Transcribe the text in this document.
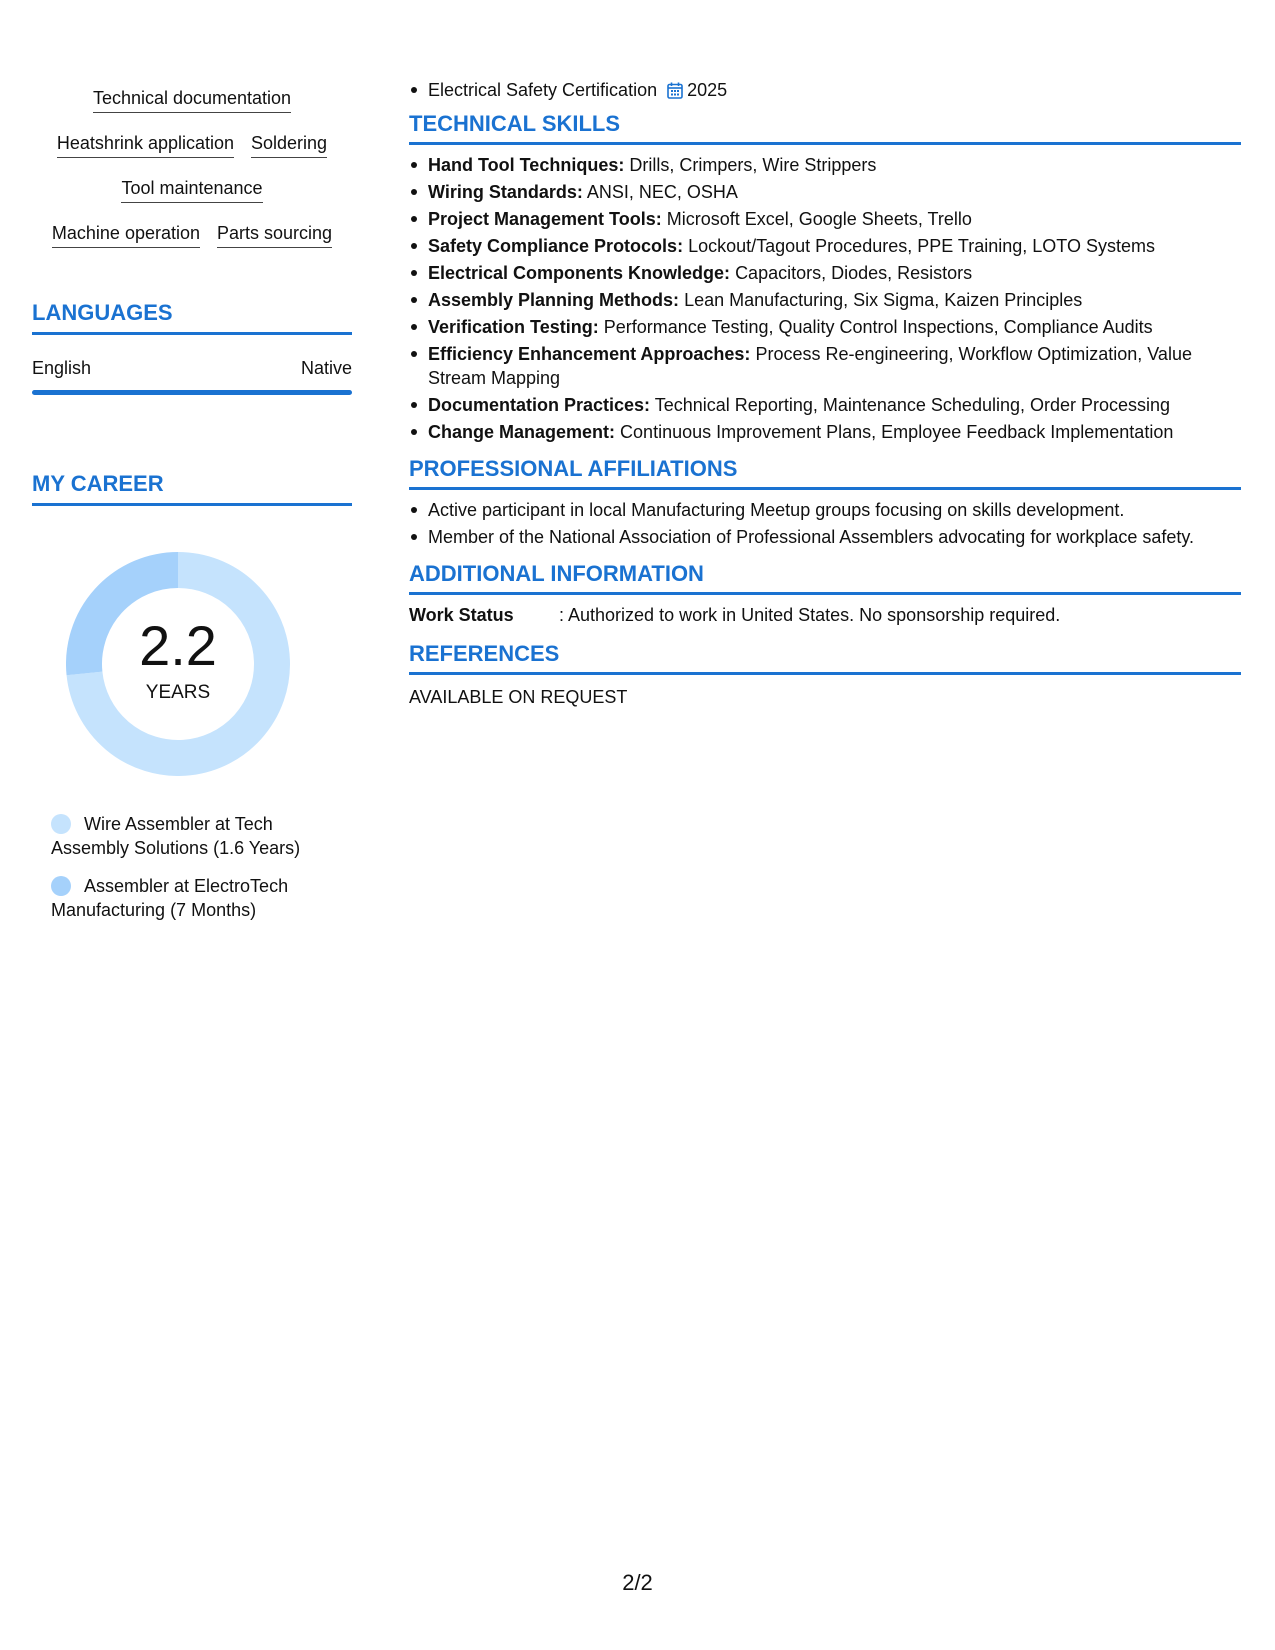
Technical documentation
Heatshrink application Soldering
Tool maintenance
Machine operation Parts sourcing
LANGUAGES
English	Native
MY CAREER
2.2
YEARS
Wire Assembler at Tech Assembly Solutions (1.6 Years)
Assembler at ElectroTech Manufacturing (7 Months)
Electrical Safety Certification 2025
TECHNICAL SKILLS
Hand Tool Techniques: Drills, Crimpers, Wire Strippers
Wiring Standards: ANSI, NEC, OSHA
Project Management Tools: Microsoft Excel, Google Sheets, Trello
Safety Compliance Protocols: Lockout/Tagout Procedures, PPE Training, LOTO Systems
Electrical Components Knowledge: Capacitors, Diodes, Resistors
Assembly Planning Methods: Lean Manufacturing, Six Sigma, Kaizen Principles
Verification Testing: Performance Testing, Quality Control Inspections, Compliance Audits
Efficiency Enhancement Approaches: Process Re-engineering, Workflow Optimization, Value Stream Mapping
Documentation Practices: Technical Reporting, Maintenance Scheduling, Order Processing
Change Management: Continuous Improvement Plans, Employee Feedback Implementation
PROFESSIONAL AFFILIATIONS
Active participant in local Manufacturing Meetup groups focusing on skills development.
Member of the National Association of Professional Assemblers advocating for workplace safety.
ADDITIONAL INFORMATION
Work Status	: Authorized to work in United States. No sponsorship required.
REFERENCES
AVAILABLE ON REQUEST
2/2
